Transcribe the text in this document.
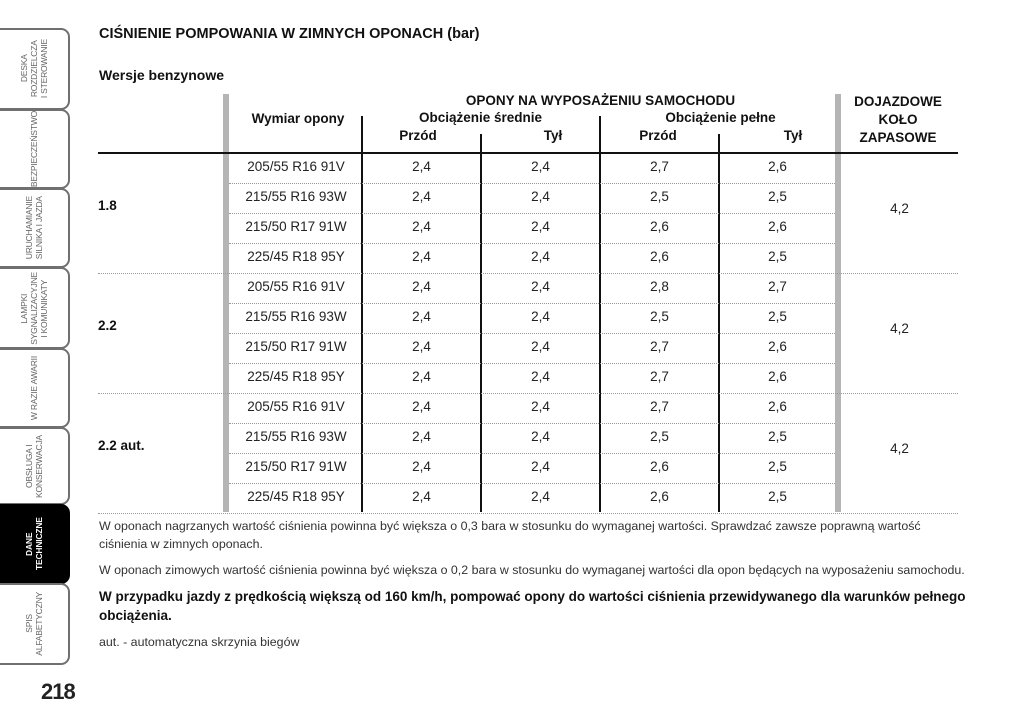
DESKA
ROZDZIELCZA
I STEROWANIE
BEZPIECZEŃSTWO
URUCHAMIANIE
SILNIKA I JAZDA
LAMPKI
SYGNALIZACYJNE
I KOMUNIKATY
W RAZIE AWARII
OBSŁUGA I
KONSERWACJA
DANE TECHNICZNE
SPIS
ALFABETYCZNY
218
CIŚNIENIE POMPOWANIA W ZIMNYCH OPONACH (bar)
Wersje benzynowe
Wymiar opony
OPONY NA WYPOSAŻENIU SAMOCHODU
Obciążenie średnie	Obciążenie pełne
Przód	Tył	Przód	Tył
DOJAZDOWE
KOŁO
ZAPASOWE
1.8	4,2
205/55 R16 91V	2,4	2,4	2,7	2,6
215/55 R16 93W	2,4	2,4	2,5	2,5
215/50 R17 91W	2,4	2,4	2,6	2,6
225/45 R18 95Y	2,4	2,4	2,6	2,5
2.2	4,2
205/55 R16 91V	2,4	2,4	2,8	2,7
215/55 R16 93W	2,4	2,4	2,5	2,5
215/50 R17 91W	2,4	2,4	2,7	2,6
225/45 R18 95Y	2,4	2,4	2,7	2,6
2.2 aut.	4,2
205/55 R16 91V	2,4	2,4	2,7	2,6
215/55 R16 93W	2,4	2,4	2,5	2,5
215/50 R17 91W	2,4	2,4	2,6	2,5
225/45 R18 95Y	2,4	2,4	2,6	2,5

W oponach nagrzanych wartość ciśnienia powinna być większa o 0,3 bara w stosunku do wymaganej wartości. Sprawdzać zawsze poprawną wartość ciśnienia w zimnych oponach.

W oponach zimowych wartość ciśnienia powinna być większa o 0,2 bara w stosunku do wymaganej wartości dla opon będących na wyposażeniu samochodu.

W przypadku jazdy z prędkością większą od 160 km/h, pompować opony do wartości ciśnienia przewidywanego dla warunków pełnego obciążenia.

aut. - automatyczna skrzynia biegów
